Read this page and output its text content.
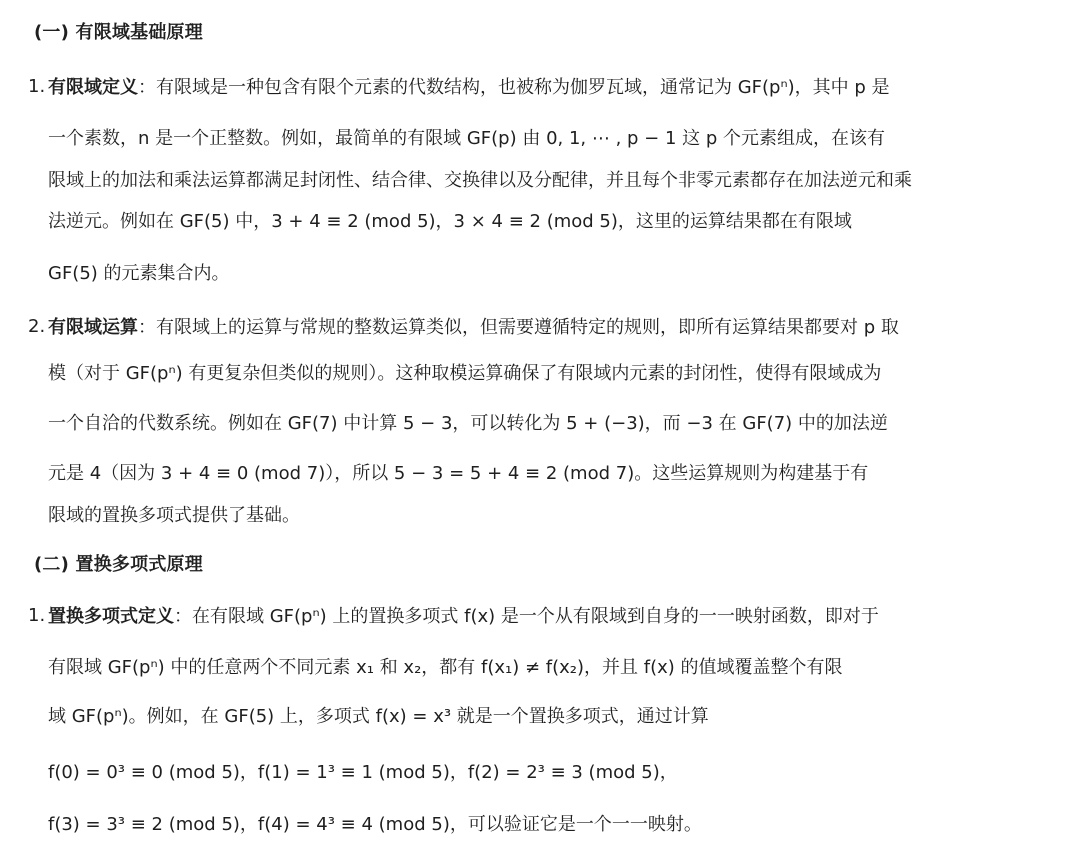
(一) 有限域基础原理
1. 有限域定义：有限域是一种包含有限个元素的代数结构，也被称为伽罗瓦域，通常记为 GF(pⁿ)，其中 p 是
一个素数，n 是一个正整数。例如，最简单的有限域 GF(p) 由 0, 1, ⋯ , p − 1 这 p 个元素组成，在该有
限域上的加法和乘法运算都满足封闭性、结合律、交换律以及分配律，并且每个非零元素都存在加法逆元和乘
法逆元。例如在 GF(5) 中，3 + 4 ≡ 2 (mod 5)，3 × 4 ≡ 2 (mod 5)，这里的运算结果都在有限域
GF(5) 的元素集合内。
2. 有限域运算：有限域上的运算与常规的整数运算类似，但需要遵循特定的规则，即所有运算结果都要对 p 取
模（对于 GF(pⁿ) 有更复杂但类似的规则）。这种取模运算确保了有限域内元素的封闭性，使得有限域成为
一个自洽的代数系统。例如在 GF(7) 中计算 5 − 3，可以转化为 5 + (−3)，而 −3 在 GF(7) 中的加法逆
元是 4（因为 3 + 4 ≡ 0 (mod 7)），所以 5 − 3 = 5 + 4 ≡ 2 (mod 7)。这些运算规则为构建基于有
限域的置换多项式提供了基础。
(二) 置换多项式原理
1. 置换多项式定义：在有限域 GF(pⁿ) 上的置换多项式 f(x) 是一个从有限域到自身的一一映射函数，即对于
有限域 GF(pⁿ) 中的任意两个不同元素 x₁ 和 x₂，都有 f(x₁) ≠ f(x₂)，并且 f(x) 的值域覆盖整个有限
域 GF(pⁿ)。例如，在 GF(5) 上，多项式 f(x) = x³ 就是一个置换多项式，通过计算
f(0) = 0³ ≡ 0 (mod 5)，f(1) = 1³ ≡ 1 (mod 5)，f(2) = 2³ ≡ 3 (mod 5)，
f(3) = 3³ ≡ 2 (mod 5)，f(4) = 4³ ≡ 4 (mod 5)，可以验证它是一个一一映射。
